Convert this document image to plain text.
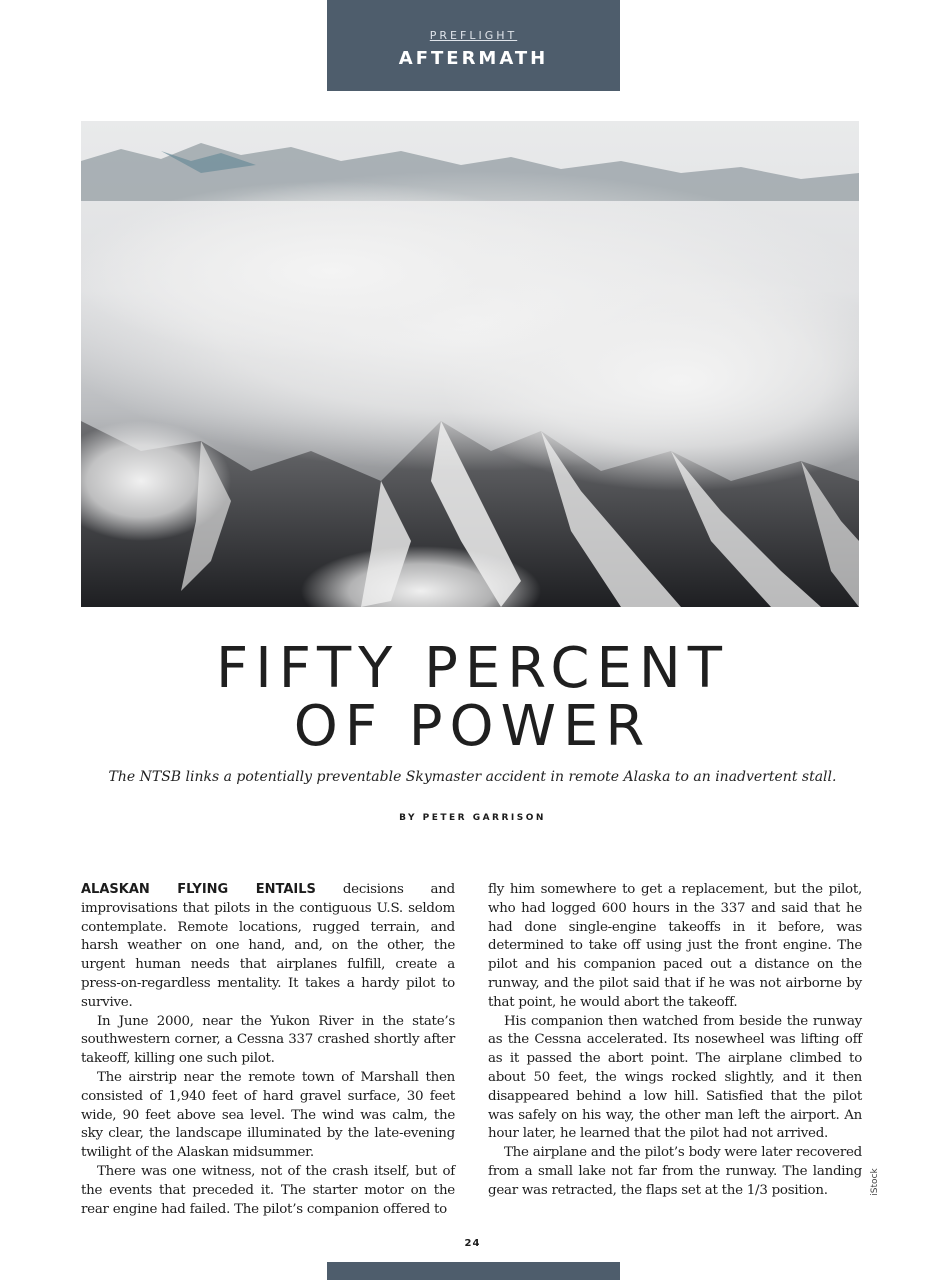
PREFLIGHT
AFTERMATH
FIFTY PERCENT
OF POWER
The NTSB links a potentially preventable Skymaster accident in remote Alaska to an inadvertent stall.
BY PETER GARRISON

ALASKAN FLYING ENTAILS decisions and improvisations that pilots in the contiguous U.S. seldom contemplate. Remote locations, rugged terrain, and harsh weather on one hand, and, on the other, the urgent human needs that airplanes fulfill, create a press-on-regardless mentality. It takes a hardy pilot to survive.

In June 2000, near the Yukon River in the state’s southwestern corner, a Cessna 337 crashed shortly after takeoff, killing one such pilot.

The airstrip near the remote town of Marshall then consisted of 1,940 feet of hard gravel surface, 30 feet wide, 90 feet above sea level. The wind was calm, the sky clear, the landscape illuminated by the late-evening twilight of the Alaskan midsummer.

There was one witness, not of the crash itself, but of the events that preceded it. The starter motor on the rear engine had failed. The pilot’s companion offered to

fly him somewhere to get a replacement, but the pilot, who had logged 600 hours in the 337 and said that he had done single-engine takeoffs in it before, was determined to take off using just the front engine. The pilot and his companion paced out a distance on the runway, and the pilot said that if he was not airborne by that point, he would abort the takeoff.

His companion then watched from beside the runway as the Cessna accelerated. Its nosewheel was lifting off as it passed the abort point. The airplane climbed to about 50 feet, the wings rocked slightly, and it then disappeared behind a low hill. Satisfied that the pilot was safely on his way, the other man left the airport. An hour later, he learned that the pilot had not arrived.

The airplane and the pilot’s body were later recovered from a small lake not far from the runway. The landing gear was retracted, the flaps set at the 1/3 position.	iStock
24
